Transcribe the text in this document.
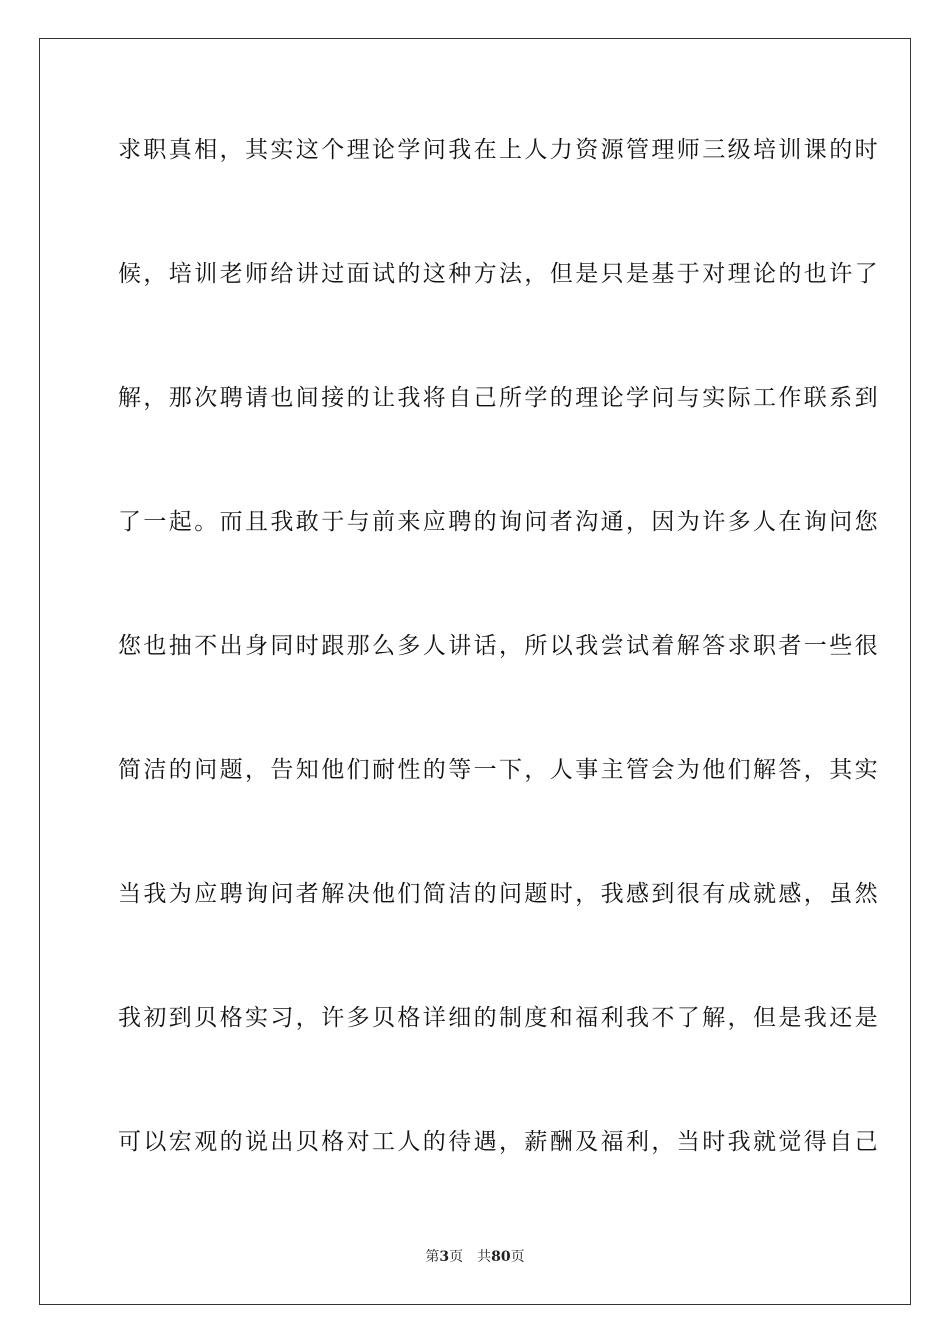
求职真相，其实这个理论学问我在上人力资源管理师三级培训课的时
候，培训老师给讲过面试的这种方法，但是只是基于对理论的也许了
解，那次聘请也间接的让我将自己所学的理论学问与实际工作联系到
了一起。而且我敢于与前来应聘的询问者沟通，因为许多人在询问您
您也抽不出身同时跟那么多人讲话，所以我尝试着解答求职者一些很
简洁的问题，告知他们耐性的等一下，人事主管会为他们解答，其实
当我为应聘询问者解决他们简洁的问题时，我感到很有成就感，虽然
我初到贝格实习，许多贝格详细的制度和福利我不了解，但是我还是
可以宏观的说出贝格对工人的待遇，薪酬及福利，当时我就觉得自己
第3页 共80页
